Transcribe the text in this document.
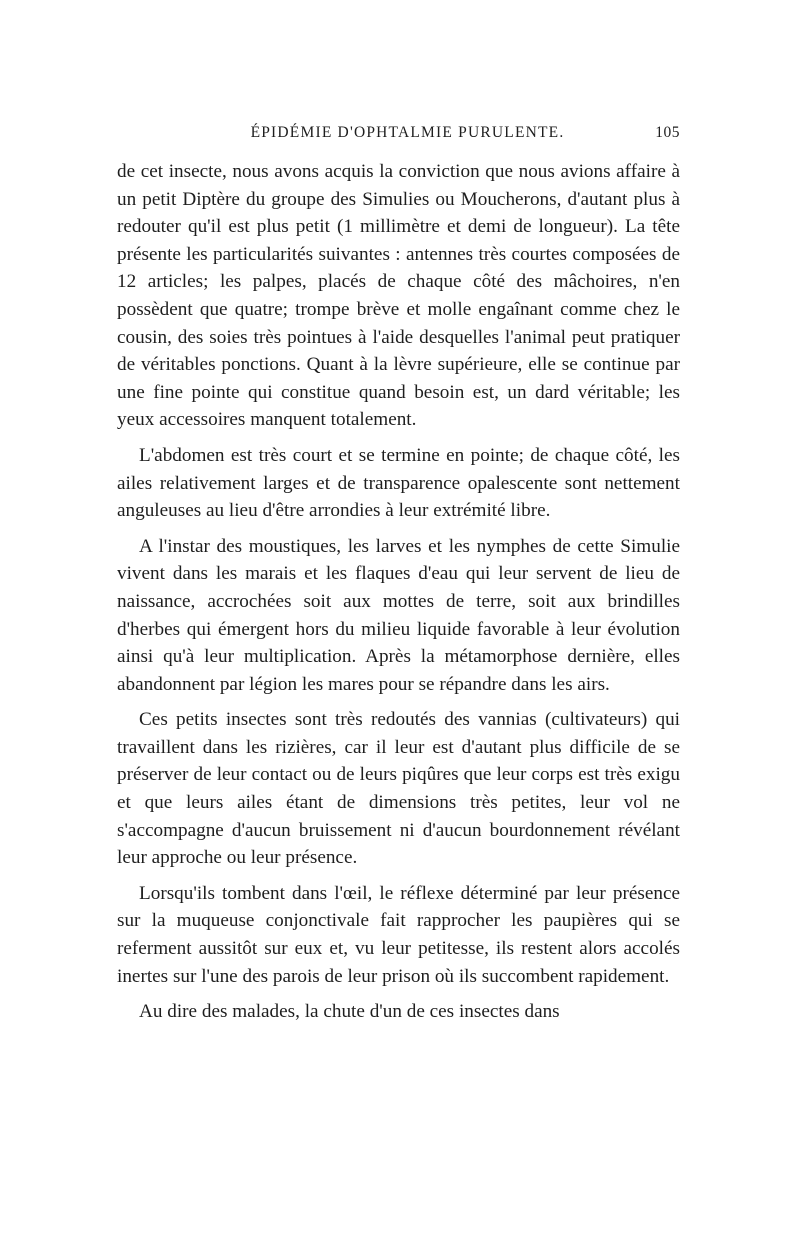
ÉPIDÉMIE D'OPHTALMIE PURULENTE.	105

de cet insecte, nous avons acquis la conviction que nous avions affaire à un petit Diptère du groupe des Simulies ou Moucherons, d'autant plus à redouter qu'il est plus petit (1 millimètre et demi de longueur). La tête présente les particularités suivantes : antennes très courtes composées de 12 articles; les palpes, placés de chaque côté des mâchoires, n'en possèdent que quatre; trompe brève et molle engaînant comme chez le cousin, des soies très pointues à l'aide desquelles l'animal peut pratiquer de véritables ponctions. Quant à la lèvre supérieure, elle se continue par une fine pointe qui constitue quand besoin est, un dard véritable; les yeux accessoires manquent totalement.

L'abdomen est très court et se termine en pointe; de chaque côté, les ailes relativement larges et de transparence opalescente sont nettement anguleuses au lieu d'être arrondies à leur extrémité libre.

A l'instar des moustiques, les larves et les nymphes de cette Simulie vivent dans les marais et les flaques d'eau qui leur servent de lieu de naissance, accrochées soit aux mottes de terre, soit aux brindilles d'herbes qui émergent hors du milieu liquide favorable à leur évolution ainsi qu'à leur multiplication. Après la métamorphose dernière, elles abandonnent par légion les mares pour se répandre dans les airs.

Ces petits insectes sont très redoutés des vannias (cultivateurs) qui travaillent dans les rizières, car il leur est d'autant plus difficile de se préserver de leur contact ou de leurs piqûres que leur corps est très exigu et que leurs ailes étant de dimensions très petites, leur vol ne s'accompagne d'aucun bruissement ni d'aucun bourdonnement révélant leur approche ou leur présence.

Lorsqu'ils tombent dans l'œil, le réflexe déterminé par leur présence sur la muqueuse conjonctivale fait rapprocher les paupières qui se referment aussitôt sur eux et, vu leur petitesse, ils restent alors accolés inertes sur l'une des parois de leur prison où ils succombent rapidement.

Au dire des malades, la chute d'un de ces insectes dans
